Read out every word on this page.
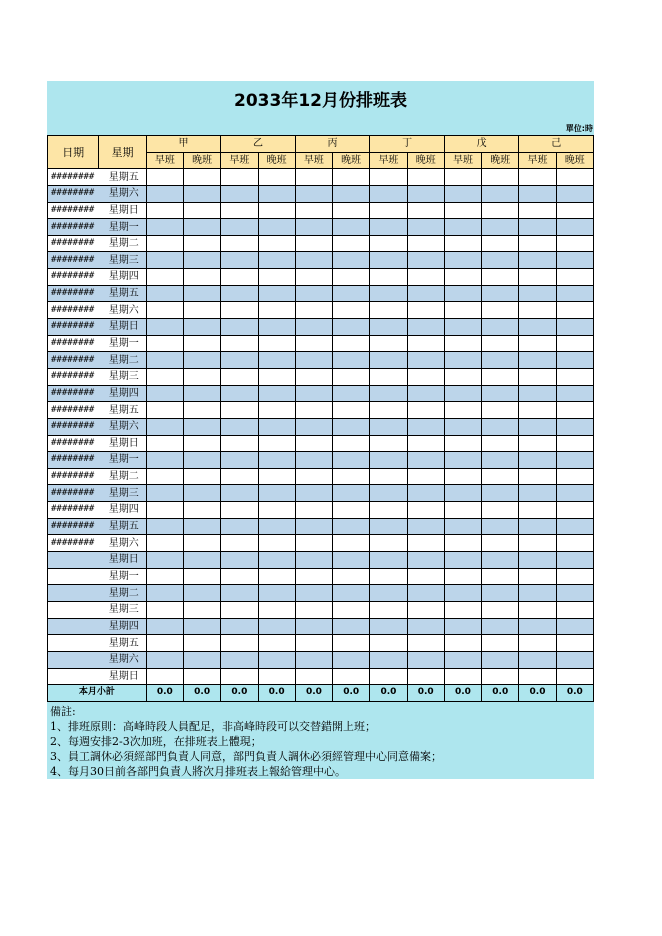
2033年12月份排班表
單位:時
日期	星期	甲		乙		丙		丁		戊		己	
		早班	晚班	早班	晚班	早班	晚班	早班	晚班	早班	晚班	早班	晚班
########	星期五												
########	星期六												
########	星期日												
########	星期一												
########	星期二												
########	星期三												
########	星期四												
########	星期五												
########	星期六												
########	星期日												
########	星期一												
########	星期二												
########	星期三												
########	星期四												
########	星期五												
########	星期六												
########	星期日												
########	星期一												
########	星期二												
########	星期三												
########	星期四												
########	星期五												
########	星期六												
	星期日												
	星期一												
	星期二												
	星期三												
	星期四												
	星期五												
	星期六												
	星期日												
本月小計		0.0	0.0	0.0	0.0	0.0	0.0	0.0	0.0	0.0	0.0	0.0	0.0
備註:
1、排班原則：高峰時段人員配足，非高峰時段可以交替錯開上班；
2、每週安排2-3次加班，在排班表上體現；
3、員工調休必須經部門負責人同意，部門負責人調休必須經管理中心同意備案；
4、每月30日前各部門負責人將次月排班表上報給管理中心。
